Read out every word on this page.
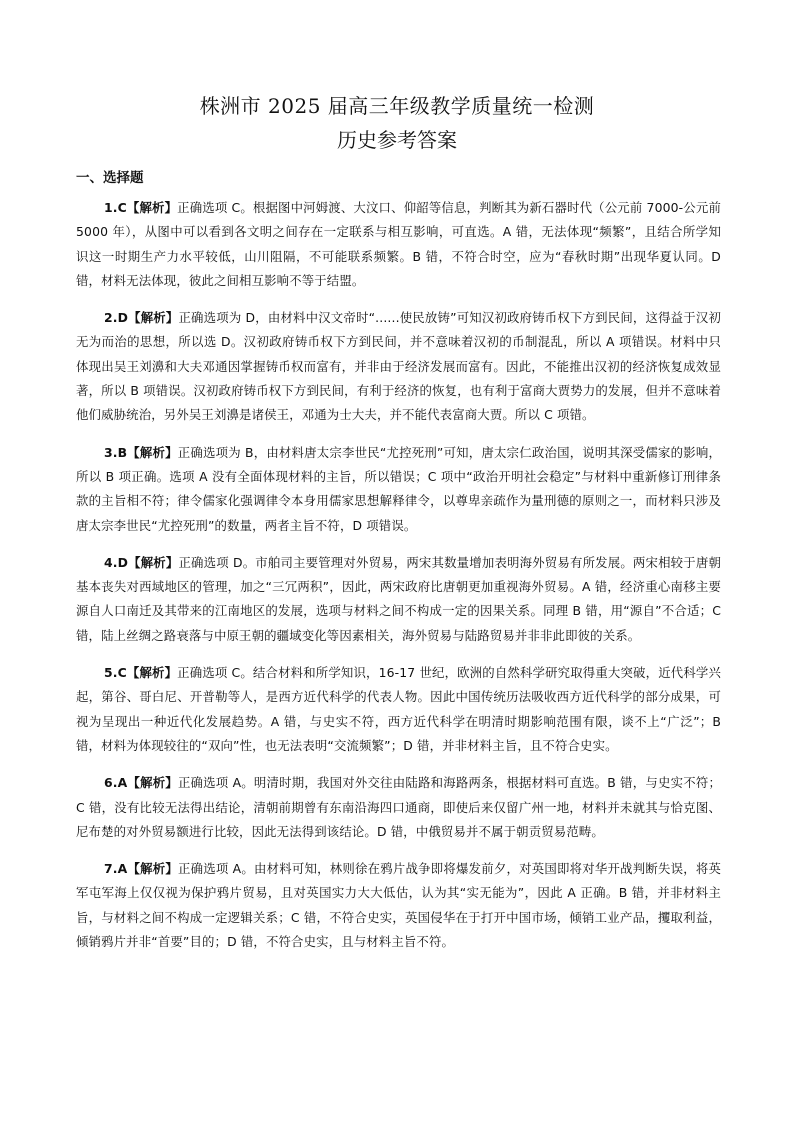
株洲市 2025 届高三年级教学质量统一检测
历史参考答案
一、选择题

1.C【解析】正确选项 C。根据图中河姆渡、大汶口、仰韶等信息，判断其为新石器时代（公元前 7000-公元前 5000 年），从图中可以看到各文明之间存在一定联系与相互影响，可直选。A 错，无法体现“频繁”，且结合所学知识这一时期生产力水平较低，山川阻隔，不可能联系频繁。B 错，不符合时空，应为“春秋时期”出现华夏认同。D 错，材料无法体现，彼此之间相互影响不等于结盟。

2.D【解析】正确选项为 D，由材料中汉文帝时“......使民放铸”可知汉初政府铸币权下方到民间，这得益于汉初无为而治的思想，所以选 D。汉初政府铸币权下方到民间，并不意味着汉初的币制混乱，所以 A 项错误。材料中只体现出吴王刘濞和大夫邓通因掌握铸币权而富有，并非由于经济发展而富有。因此，不能推出汉初的经济恢复成效显著，所以 B 项错误。汉初政府铸币权下方到民间，有利于经济的恢复，也有利于富商大贾势力的发展，但并不意味着他们威胁统治，另外吴王刘濞是诸侯王，邓通为士大夫，并不能代表富商大贾。所以 C 项错。

3.B【解析】正确选项为 B，由材料唐太宗李世民“尤控死刑”可知，唐太宗仁政治国，说明其深受儒家的影响，所以 B 项正确。选项 A 没有全面体现材料的主旨，所以错误；C 项中“政治开明社会稳定”与材料中重新修订刑律条款的主旨相不符；律令儒家化强调律令本身用儒家思想解释律令，以尊卑亲疏作为量刑德的原则之一，而材料只涉及唐太宗李世民“尤控死刑”的数量，两者主旨不符，D 项错误。

4.D【解析】正确选项 D。市舶司主要管理对外贸易，两宋其数量增加表明海外贸易有所发展。两宋相较于唐朝基本丧失对西域地区的管理，加之“三冗两积”，因此，两宋政府比唐朝更加重视海外贸易。A 错，经济重心南移主要源自人口南迁及其带来的江南地区的发展，选项与材料之间不构成一定的因果关系。同理 B 错，用“源自”不合适；C 错，陆上丝绸之路衰落与中原王朝的疆域变化等因素相关，海外贸易与陆路贸易并非非此即彼的关系。

5.C【解析】正确选项 C。结合材料和所学知识，16-17 世纪，欧洲的自然科学研究取得重大突破，近代科学兴起，第谷、哥白尼、开普勒等人，是西方近代科学的代表人物。因此中国传统历法吸收西方近代科学的部分成果，可视为呈现出一种近代化发展趋势。A 错，与史实不符，西方近代科学在明清时期影响范围有限，谈不上“广泛”；B 错，材料为体现较往的“双向”性，也无法表明“交流频繁”；D 错，并非材料主旨，且不符合史实。

6.A【解析】正确选项 A。明清时期，我国对外交往由陆路和海路两条，根据材料可直选。B 错，与史实不符；C 错，没有比较无法得出结论，清朝前期曾有东南沿海四口通商，即使后来仅留广州一地，材料并未就其与恰克图、尼布楚的对外贸易额进行比较，因此无法得到该结论。D 错，中俄贸易并不属于朝贡贸易范畴。

7.A【解析】正确选项 A。由材料可知，林则徐在鸦片战争即将爆发前夕，对英国即将对华开战判断失误，将英军屯军海上仅仅视为保护鸦片贸易，且对英国实力大大低估，认为其“实无能为”，因此 A 正确。B 错，并非材料主旨，与材料之间不构成一定逻辑关系；C 错，不符合史实，英国侵华在于打开中国市场，倾销工业产品，攫取利益，倾销鸦片并非“首要”目的；D 错，不符合史实，且与材料主旨不符。
